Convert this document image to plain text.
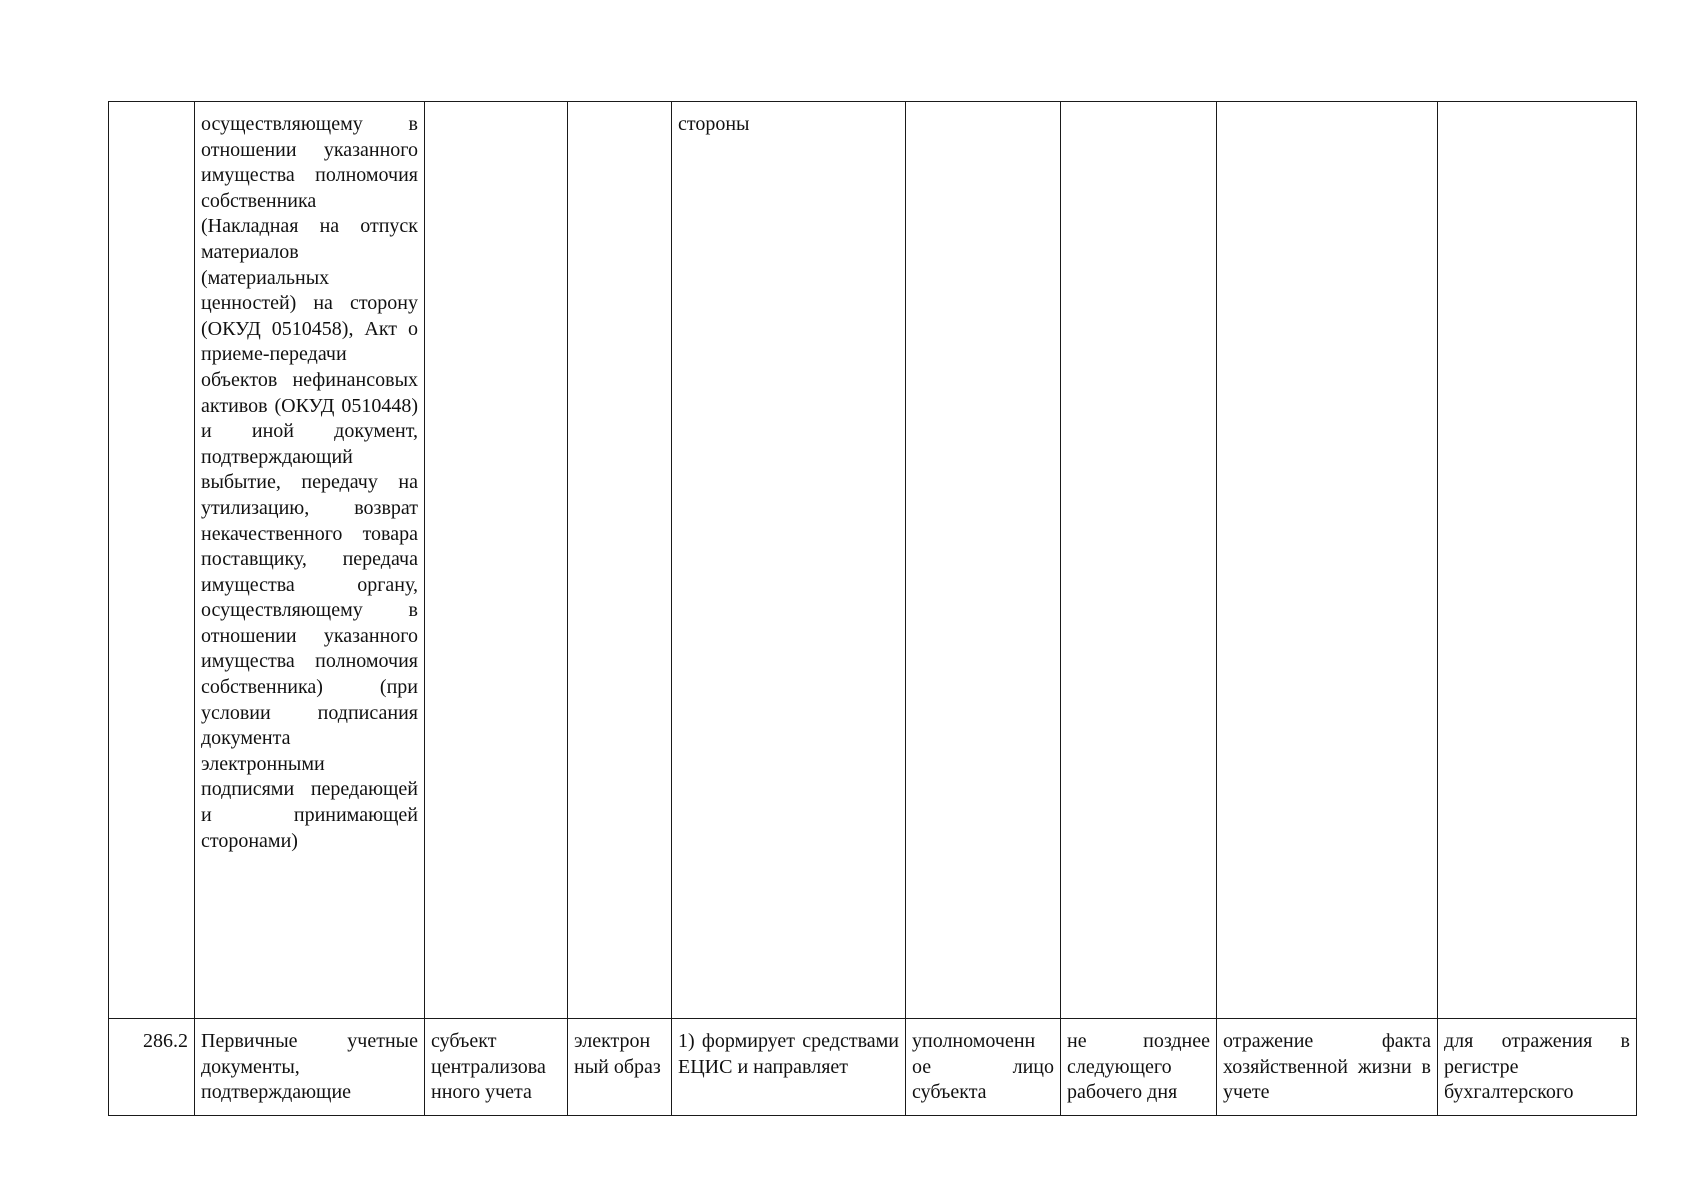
	осуществляющему в отношении указанного имущества полномочия собственника (Накладная на отпуск материалов (материальных ценностей) на сторону (ОКУД 0510458), Акт о приеме-передачи объектов нефинансовых активов (ОКУД 0510448) и иной документ, подтверждающий выбытие, передачу на утилизацию, возврат некачественного товара поставщику, передача имущества органу, осуществляющему в отношении указанного имущества полномочия собственника) (при условии подписания документа электронными подписями передающей и принимающей сторонами)			стороны				
286.2	Первичные учетные документы, подтверждающие	субъект централизова нного учета	электрон ный образ	1) формирует средствами ЕЦИС и направляет	уполномоченн ое лицо субъекта	не позднее следующего рабочего дня	отражение факта хозяйственной жизни в учете	для отражения в регистре бухгалтерского
